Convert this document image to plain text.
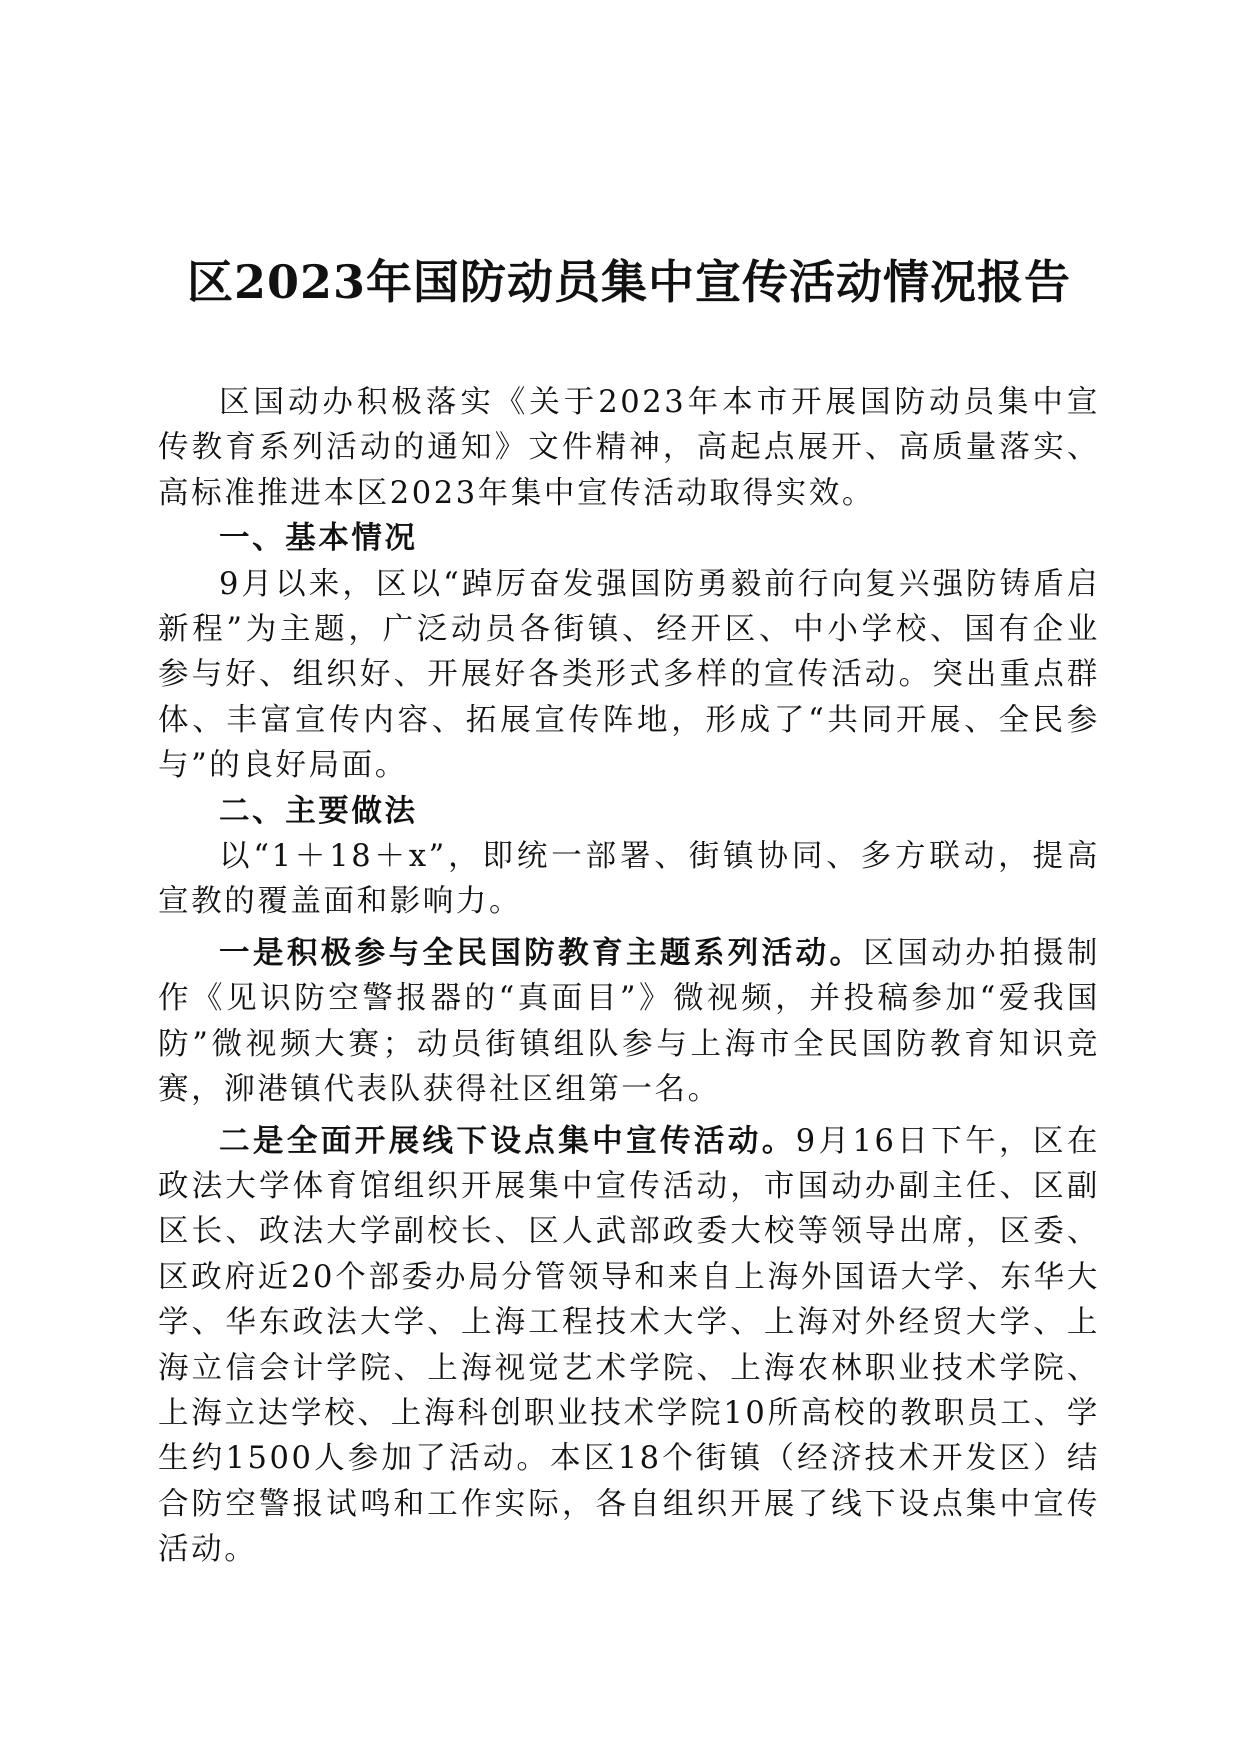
区2023年国防动员集中宣传活动情况报告

区国动办积极落实《关于2023年本市开展国防动员集中宣传教育系列活动的通知》文件精神，高起点展开、高质量落实、高标准推进本区2023年集中宣传活动取得实效。

一、基本情况

9月以来，区以“踔厉奋发强国防勇毅前行向复兴强防铸盾启新程”为主题，广泛动员各街镇、经开区、中小学校、国有企业参与好、组织好、开展好各类形式多样的宣传活动。突出重点群体、丰富宣传内容、拓展宣传阵地，形成了“共同开展、全民参与”的良好局面。

二、主要做法

以“1＋18＋x”，即统一部署、街镇协同、多方联动，提高宣教的覆盖面和影响力。

一是积极参与全民国防教育主题系列活动。区国动办拍摄制作《见识防空警报器的“真面目”》微视频，并投稿参加“爱我国防”微视频大赛；动员街镇组队参与上海市全民国防教育知识竞赛，泖港镇代表队获得社区组第一名。

二是全面开展线下设点集中宣传活动。9月16日下午，区在政法大学体育馆组织开展集中宣传活动，市国动办副主任、区副区长、政法大学副校长、区人武部政委大校等领导出席，区委、区政府近20个部委办局分管领导和来自上海外国语大学、东华大学、华东政法大学、上海工程技术大学、上海对外经贸大学、上海立信会计学院、上海视觉艺术学院、上海农林职业技术学院、上海立达学校、上海科创职业技术学院10所高校的教职员工、学生约1500人参加了活动。本区18个街镇（经济技术开发区）结合防空警报试鸣和工作实际，各自组织开展了线下设点集中宣传活动。
